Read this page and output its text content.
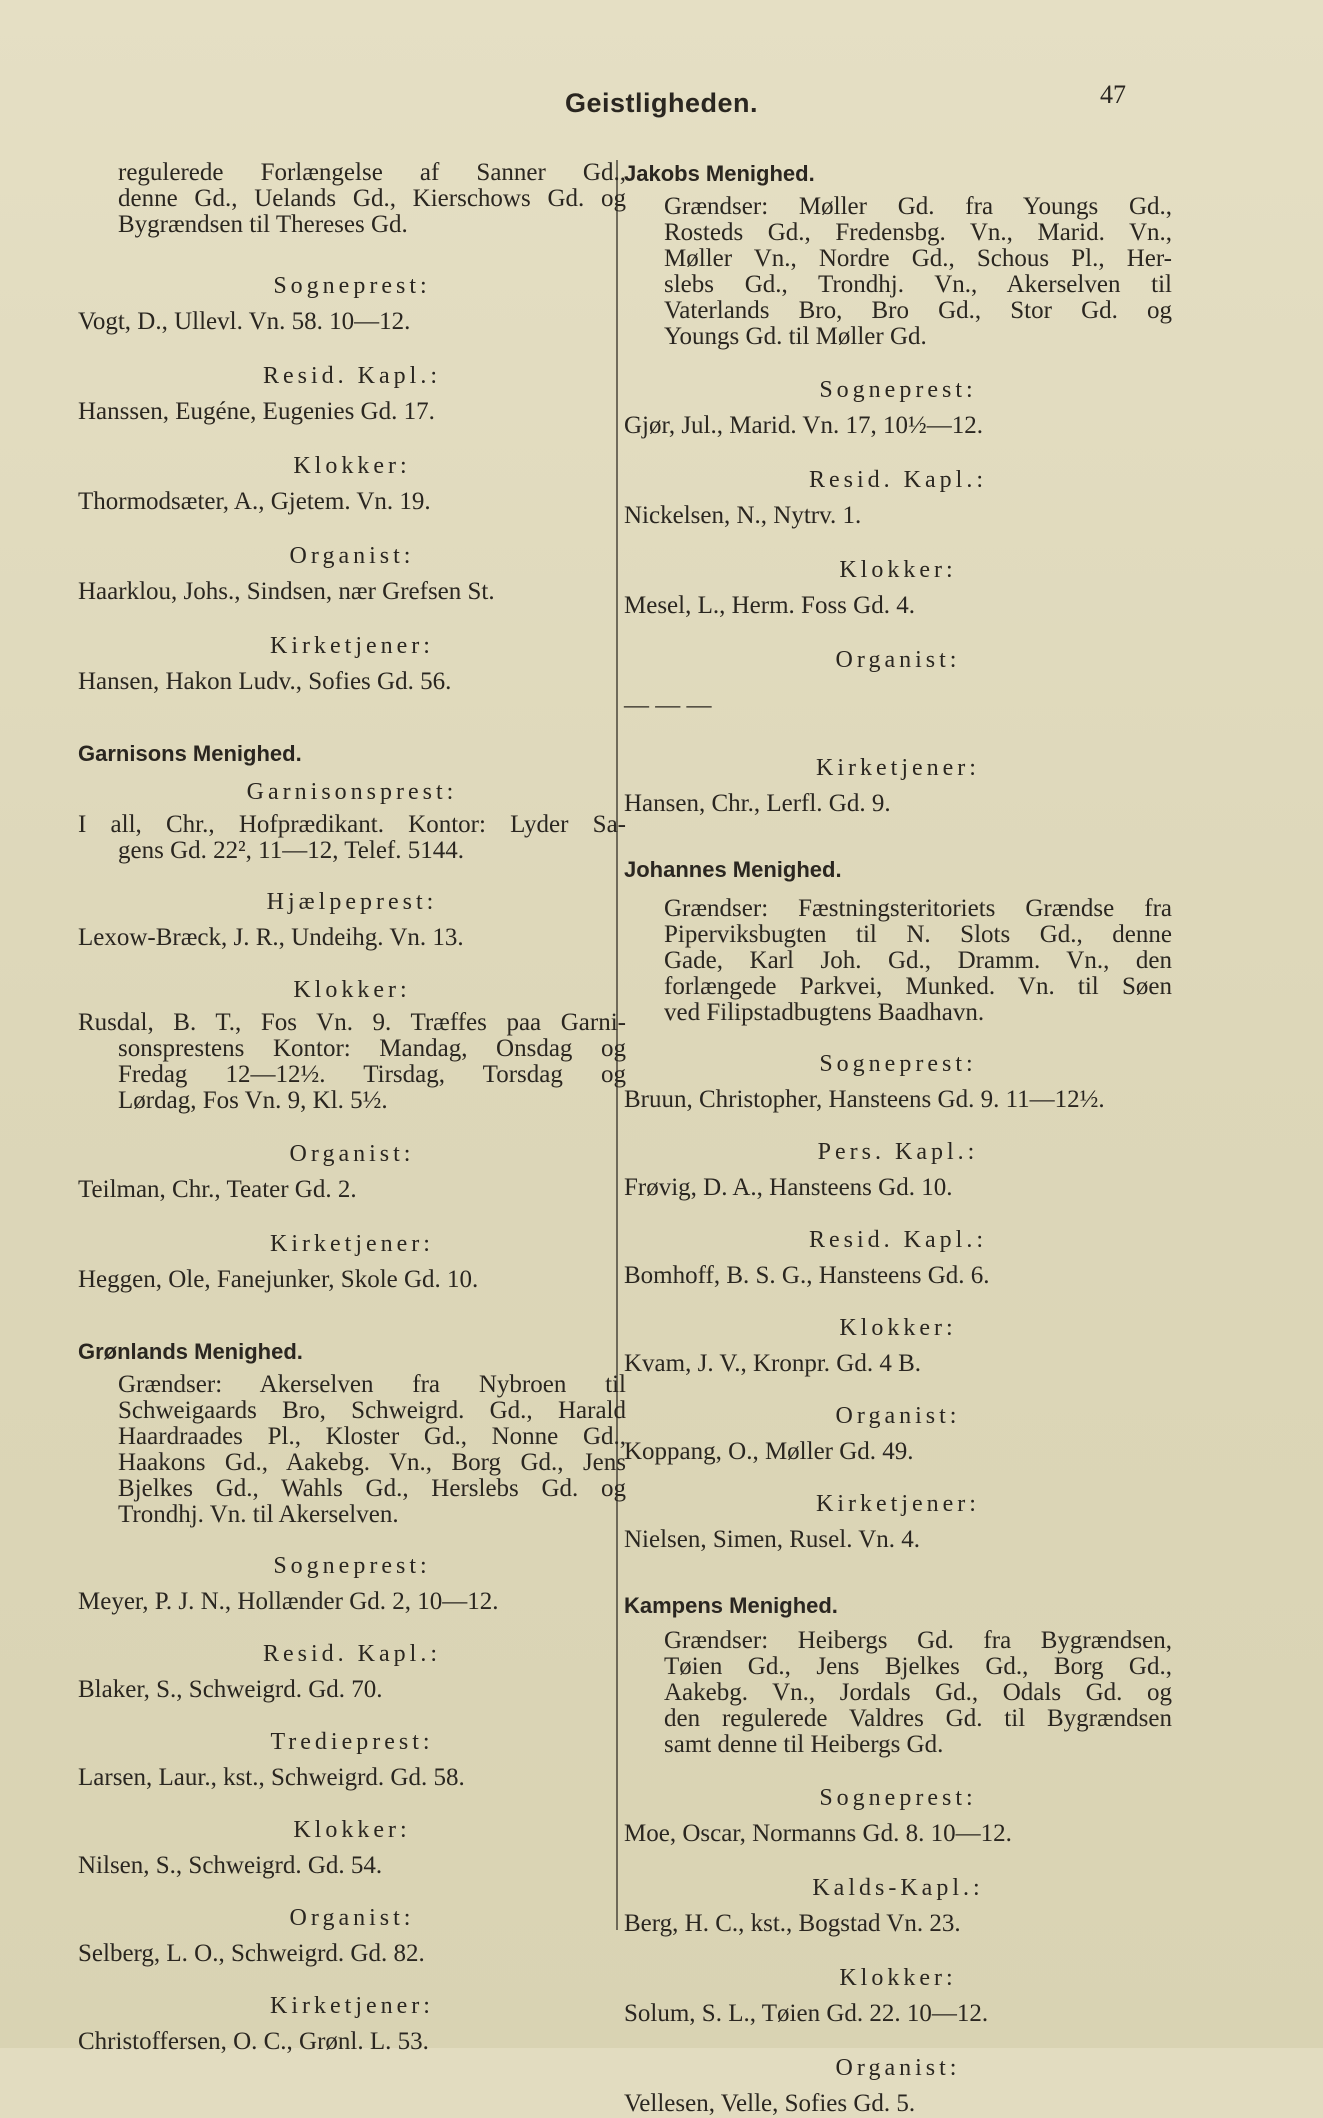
Geistligheden.	47
regulerede Forlængelse af Sanner Gd.,
denne Gd., Uelands Gd., Kierschows Gd. og
Bygrændsen til Thereses Gd.
Sogneprest:
Vogt, D., Ullevl. Vn. 58. 10—12.
Resid. Kapl.:
Hanssen, Eugéne, Eugenies Gd. 17.
Klokker:
Thormodsæter, A., Gjetem. Vn. 19.
Organist:
Haarklou, Johs., Sindsen, nær Grefsen St.
Kirketjener:
Hansen, Hakon Ludv., Sofies Gd. 56.
Garnisons Menighed.
Garnisonsprest:
I all, Chr., Hofprædikant. Kontor: Lyder Sa-
gens Gd. 22², 11—12, Telef. 5144.
Hjælpeprest:
Lexow-Bræck, J. R., Undeihg. Vn. 13.
Klokker:
Rusdal, B. T., Fos Vn. 9. Træffes paa Garni-
sonsprestens Kontor: Mandag, Onsdag og
Fredag 12—12½. Tirsdag, Torsdag og
Lørdag, Fos Vn. 9, Kl. 5½.
Organist:
Teilman, Chr., Teater Gd. 2.
Kirketjener:
Heggen, Ole, Fanejunker, Skole Gd. 10.
Grønlands Menighed.
Grændser: Akerselven fra Nybroen til
Schweigaards Bro, Schweigrd. Gd., Harald
Haardraades Pl., Kloster Gd., Nonne Gd.,
Haakons Gd., Aakebg. Vn., Borg Gd., Jens
Bjelkes Gd., Wahls Gd., Herslebs Gd. og
Trondhj. Vn. til Akerselven.
Sogneprest:
Meyer, P. J. N., Hollænder Gd. 2, 10—12.
Resid. Kapl.:
Blaker, S., Schweigrd. Gd. 70.
Tredieprest:
Larsen, Laur., kst., Schweigrd. Gd. 58.
Klokker:
Nilsen, S., Schweigrd. Gd. 54.
Organist:
Selberg, L. O., Schweigrd. Gd. 82.
Kirketjener:
Christoffersen, O. C., Grønl. L. 53.
Jakobs Menighed.
Grændser: Møller Gd. fra Youngs Gd.,
Rosteds Gd., Fredensbg. Vn., Marid. Vn.,
Møller Vn., Nordre Gd., Schous Pl., Her-
slebs Gd., Trondhj. Vn., Akerselven til
Vaterlands Bro, Bro Gd., Stor Gd. og
Youngs Gd. til Møller Gd.
Sogneprest:
Gjør, Jul., Marid. Vn. 17, 10½—12.
Resid. Kapl.:
Nickelsen, N., Nytrv. 1.
Klokker:
Mesel, L., Herm. Foss Gd. 4.
Organist:
— — —
Kirketjener:
Hansen, Chr., Lerfl. Gd. 9.
Johannes Menighed.
Grændser: Fæstningsteritoriets Grændse fra
Piperviksbugten til N. Slots Gd., denne
Gade, Karl Joh. Gd., Dramm. Vn., den
forlængede Parkvei, Munked. Vn. til Søen
ved Filipstadbugtens Baadhavn.
Sogneprest:
Bruun, Christopher, Hansteens Gd. 9. 11—12½.
Pers. Kapl.:
Frøvig, D. A., Hansteens Gd. 10.
Resid. Kapl.:
Bomhoff, B. S. G., Hansteens Gd. 6.
Klokker:
Kvam, J. V., Kronpr. Gd. 4 B.
Organist:
Koppang, O., Møller Gd. 49.
Kirketjener:
Nielsen, Simen, Rusel. Vn. 4.
Kampens Menighed.
Grændser: Heibergs Gd. fra Bygrændsen,
Tøien Gd., Jens Bjelkes Gd., Borg Gd.,
Aakebg. Vn., Jordals Gd., Odals Gd. og
den regulerede Valdres Gd. til Bygrændsen
samt denne til Heibergs Gd.
Sogneprest:
Moe, Oscar, Normanns Gd. 8. 10—12.
Kalds-Kapl.:
Berg, H. C., kst., Bogstad Vn. 23.
Klokker:
Solum, S. L., Tøien Gd. 22. 10—12.
Organist:
Vellesen, Velle, Sofies Gd. 5.
